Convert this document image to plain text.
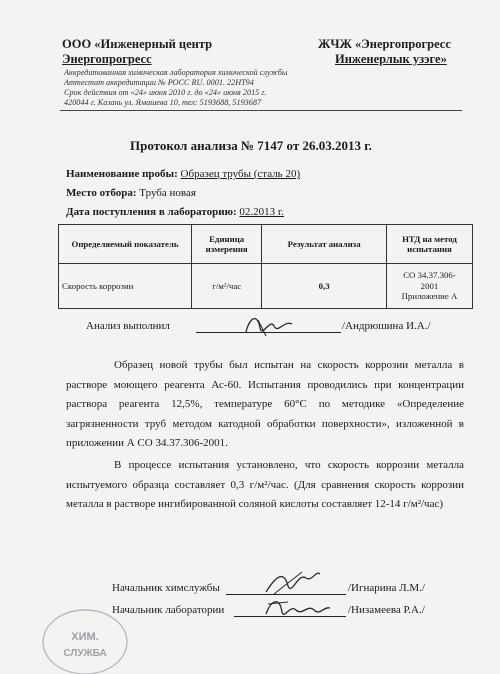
ООО «Инженерный центр
Энергопрогресс
ЖЧЖ «Энергопрогресс
Инженерлык узэге»
Аккредитованная химическая лаборатория химической службы
Аттестат аккредитации № РОСС RU. 0001. 22НТ94
Срок действия от «24» июня 2010 г. до «24» июня 2015 г.
420044 г. Казань ул. Ямашева 10, тел: 5193688, 5193687
Протокол анализа № 7147 от 26.03.2013 г.
Наименование пробы: Образец трубы (сталь 20)
Место отбора: Труба новая
Дата поступления в лабораторию: 02.2013 г.
Определяемый показатель	Единица измерения	Результат анализа	НТД на метод испытания
Скорость коррозии	г/м²/час	0,3	СО 34.37.306-
2001
Приложение А
Анализ выполнил	/Андрюшина И.А./
Образец новой трубы был испытан на скорость коррозии металла в растворе моющего реагента Ас-60. Испытания проводились при концентрации раствора реагента 12,5%, температуре 60°С по методике «Определение загрязненности труб методом катодной обработки поверхности», изложенной в приложении А СО 34.37.306-2001.
В процессе испытания установлено, что скорость коррозии металла испытуемого образца составляет 0,3 г/м²/час. (Для сравнения скорость коррозии металла в растворе ингибированной соляной кислоты составляет 12-14 г/м²/час)
Начальник химслужбы	/Игнарина Л.М./
Начальник лаборатории	/Низамеева Р.А./
ХИМ.
СЛУЖБА
